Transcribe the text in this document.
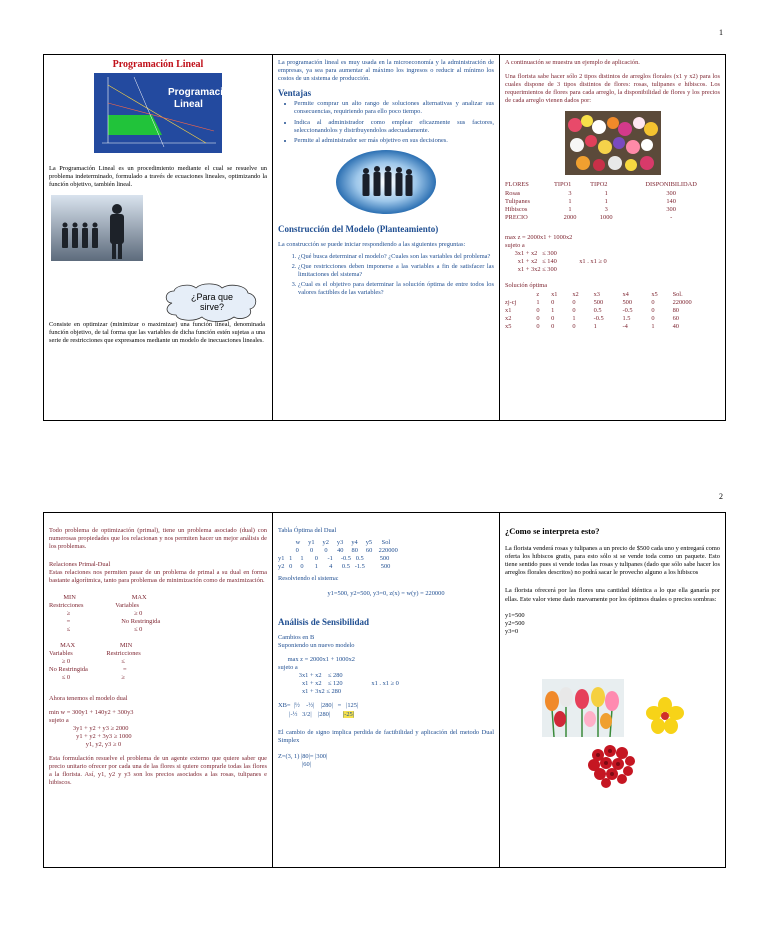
1
Programación Lineal
Programación
Lineal

La Programación Lineal es un procedimiento mediante el cual se resuelve un problema indeterminado, formulado a través de ecuaciones lineales, optimizando la función objetivo, también lineal.

¿Para que sirve?

Consiste en optimizar (minimizar o maximizar) una función lineal, denominada función objetivo, de tal forma que las variables de dicha función estén sujetas a una serie de restricciones que expresamos mediante un modelo de inecuaciones lineales.

La programación lineal es muy usada en la microeconomía y la administración de empresas, ya sea para aumentar al máximo los ingresos o reducir al mínimo los costos de un sistema de producción.

Ventajas
• Permite comprar un alto rango de soluciones alternativas y analizar sus consecuencias, requiriendo para ello poco tiempo.
• Indica al administrador como emplear eficazmente sus factores, seleccionandolos y distribuyendolos adecuadamente.
• Permite al administrador ser más objetivo en sus decisiones.
Construcción del Modelo (Planteamiento)

La construcción se puede iniciar respondiendo a las siguientes preguntas:

1. ¿Qué busca determinar el modelo? ¿Cuales son las variables del problema?
2. ¿Que restricciones deben imponerse a las variables a fin de satisfacer las limitaciones del sistema?
3. ¿Cual es el objetivo para determinar la solución óptima de entre todos los valores factibles de las variables?

A continuación se muestra un ejemplo de aplicación.

Una florista sabe hacer sólo 2 tipos distintos de arreglos florales (x1 y x2) para los cuales dispone de 3 tipos distintos de flores: rosas, tulipanes e hibiscos. Los requerimientos de flores para cada arreglo, la disponibilidad de flores y los precios de cada arreglo vienen dados por:

FLORES	TIPO1	TIPO2	DISPONIBILIDAD
Rosas	3	1	300
Tulipanes	1	1	140
Hibiscos	1	3	300
PRECIO	2000	1000	-
max z = 2000x1 + 1000x2
sujeto a
3x1 + x2   ≤ 300
x1 + x2   ≤ 140              x1 . x1 ≥ 0
x1 + 3x2 ≤ 300
Solución óptima
	z	x1	x2	x3	x4	x5	Sol.
zj-cj	1	0	0	500	500	0	220000
x1	0	1	0	0.5	-0.5	0	80
x2	0	0	1	-0.5	1.5	0	60
x5	0	0	0	1	-4	1	40
2

Todo problema de optimización (primal), tiene un problema asociado (dual) con numerosas propiedades que los relacionan y nos permiten hacer un mejor análisis de los problemas.

Relaciones Primal-Dual

Estas relaciones nos permiten pasar de un problema de primal a su dual en forma bastante algorítmica, tanto para problemas de minimización como de maximización.

MIN                                   MAX
Restricciones                    Variables
≥                                        ≥ 0
=                                No Restringida
≤                                        ≤ 0
MAX                            MIN
Variables                     Restricciones
≥ 0                                ≤
No Restringida                      =
≤ 0                                ≥
Ahora tenemos el modelo dual
min w = 300y1 + 140y2 + 300y3
sujeto a
3y1 + y2 + y3 ≥ 2000
y1 + y2 + 3y3 ≥ 1000
y1, y2, y3 ≥ 0

Esta formulación resuelve el problema de un agente externo que quiere saber que precio unitario ofrecer por cada una de las flores si quiere comprarle todas las flores a la florista. Así, y1, y2 y y3 son los precios asociados a las rosas, tulipanes e hibiscos.

Tabla Óptima del Dual
w     y1     y2     y3     y4     y5      Sol
0       0       0      40     80     60    220000
y1   1     1       0      -1     -0.5   0.5          500
y2   0     0       1       4      0.5   -1.5          500
Resolviendo el sistema:
y1=500, y2=500, y3=0, z(x) = w(y) = 220000
Análisis de Sensibilidad
Cambios en B
Suponiendo un nuevo modelo
max z = 2000x1 + 1000x2
sujeto a
3x1 + x2    ≤ 280
x1 + x2    ≤ 120                  x1 . x1 ≥ 0
x1 + 3x2 ≤ 280
XB=  |½    -½|    |280|   =   |125|
|-½   3/2|    |280|        |-25|

El cambio de signo implica perdida de factibilidad y aplicación del metodo Dual Simplex

Z=(3, 1) |80|= |300|
|60|
¿Como se interpreta esto?

La florista venderá rosas y tulipanes a un precio de $500 cada uno y entregará como oferta los hibiscos gratis, para esto sólo si se vende toda como un paquete. Esto tiene sentido pues si vende todas las rosas y tulipanes (dado que sólo sabe hacer los arreglos florales descritos) no podrá sacar le provecho alguno a los hibiscos

La florista ofrecerá por las flores una cantidad idéntica a lo que ella ganaría por ellas. Este valor viene dado nuevamente por los óptimos duales o precios sombras:

y1=500
y2=500
y3=0
